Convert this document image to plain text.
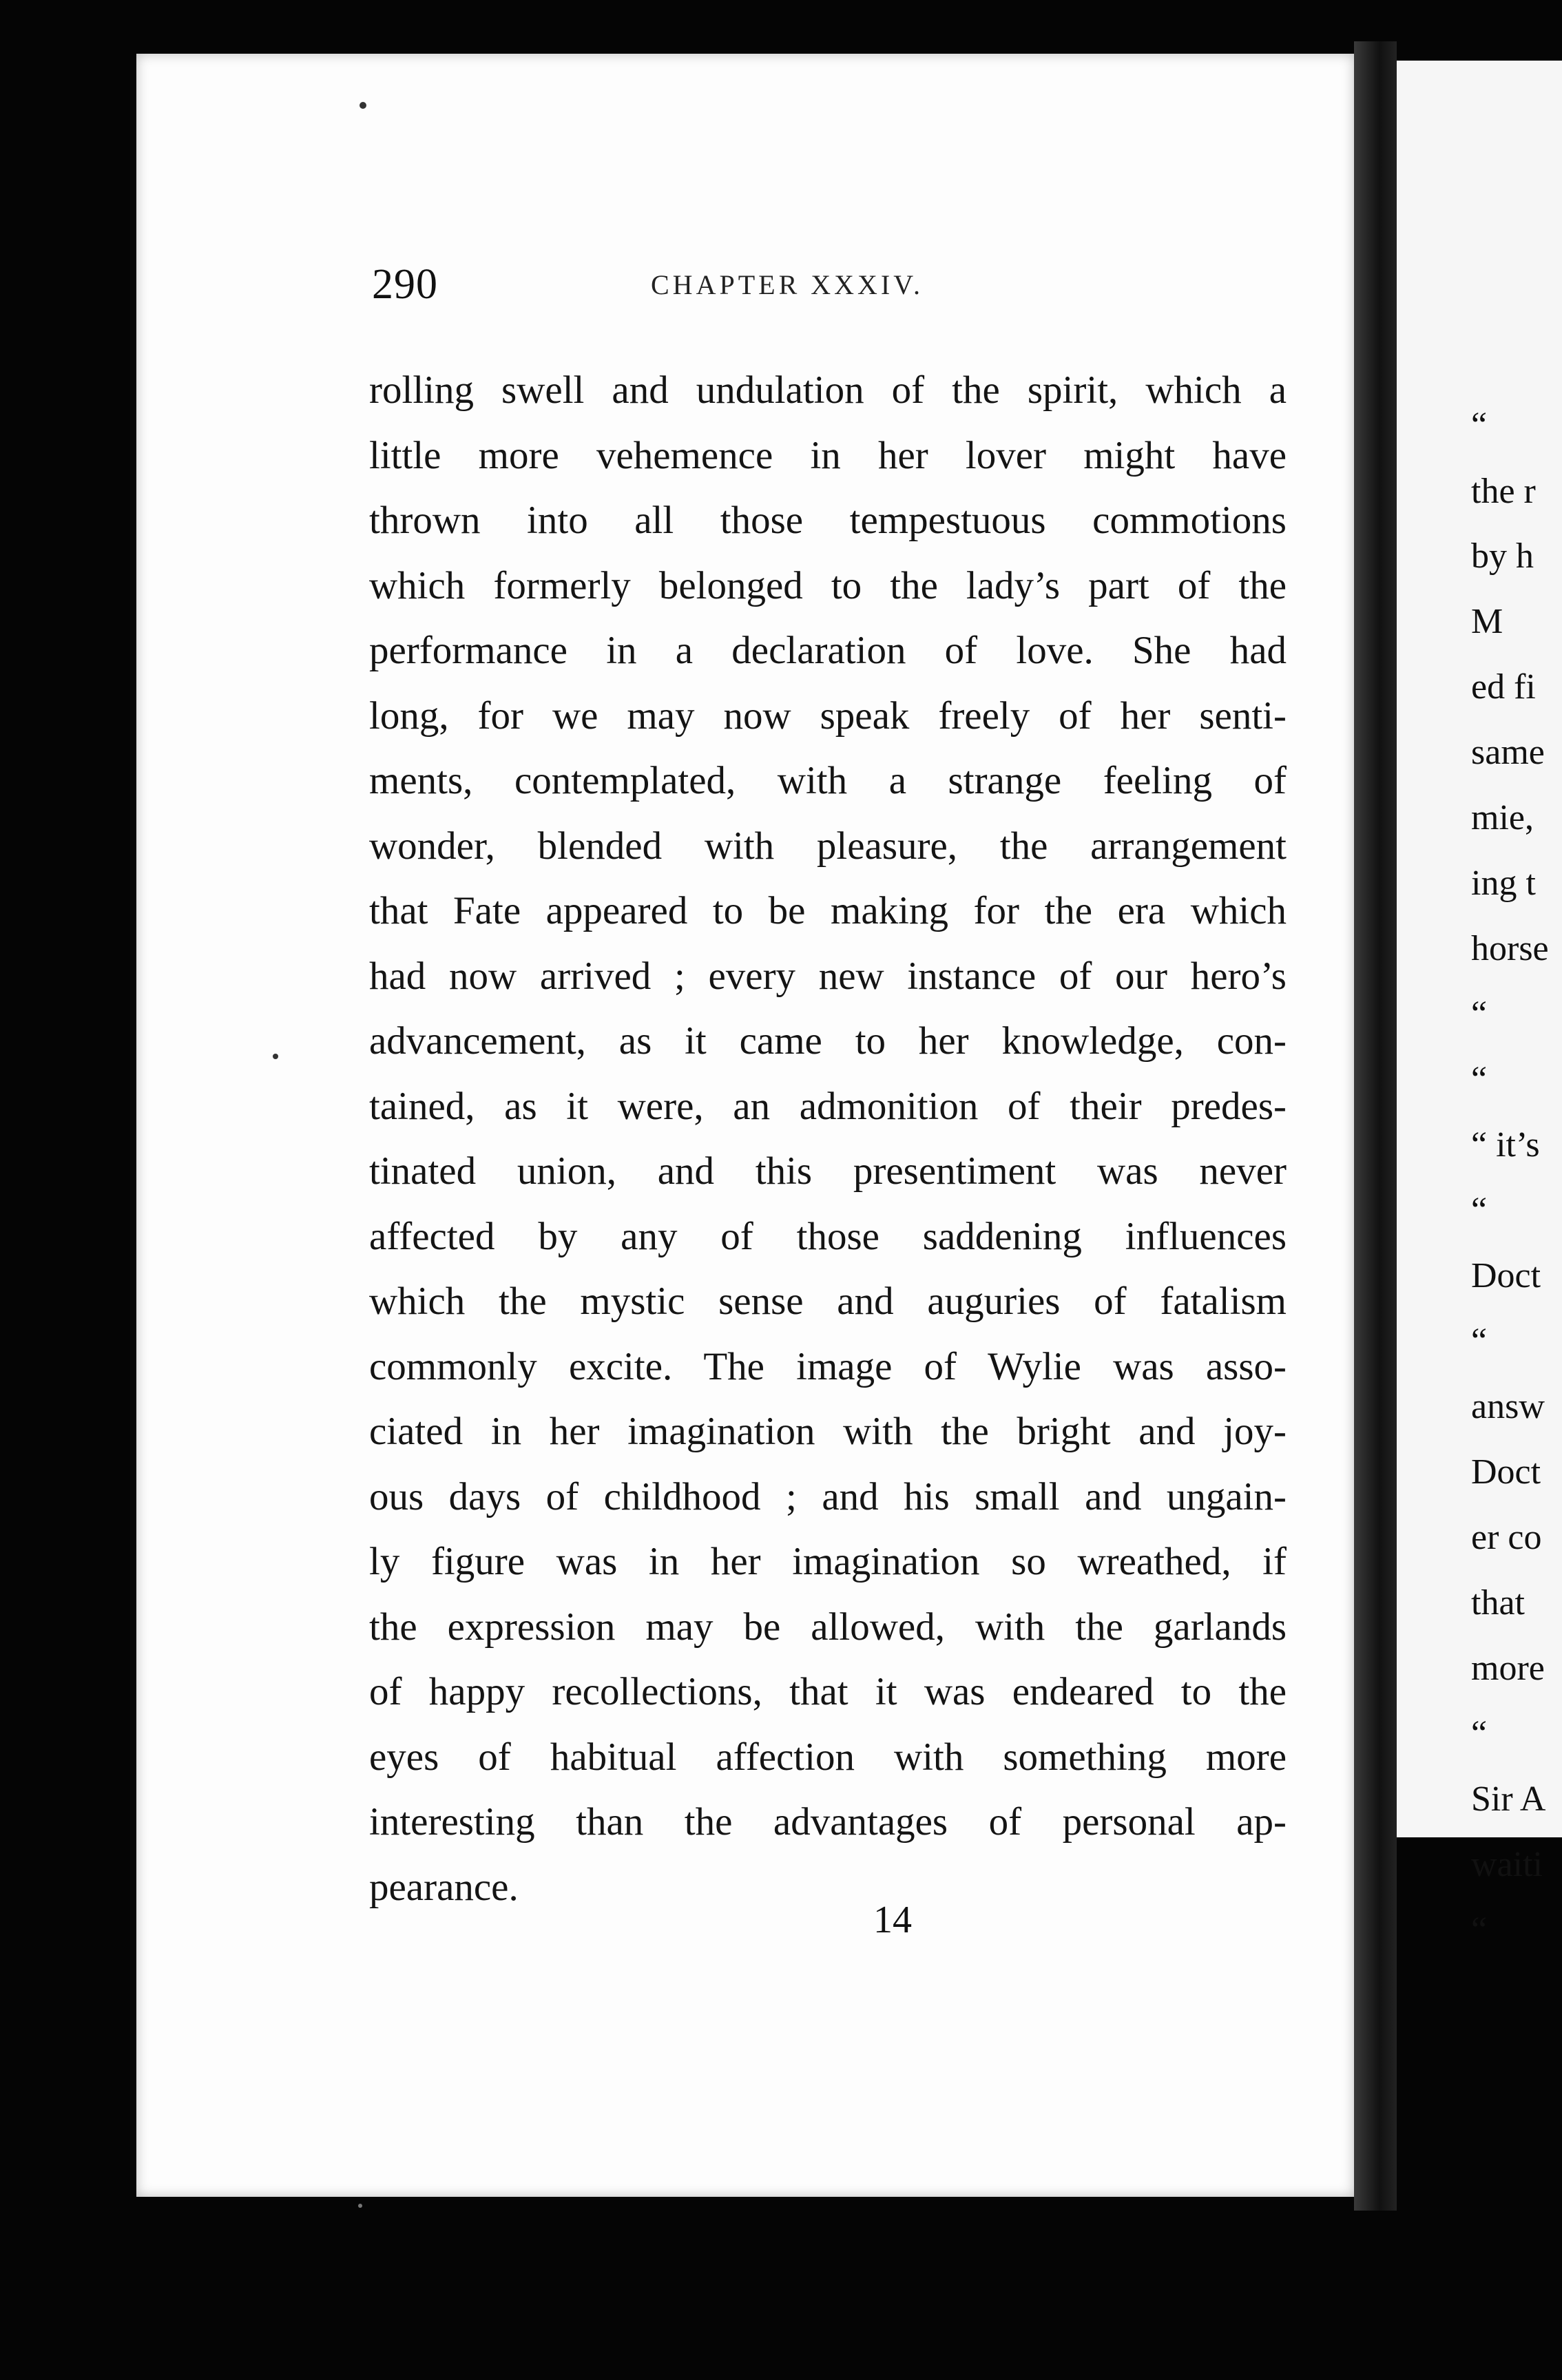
“
the r
by h
M
ed fi
same
mie,
ing t
horse
“
“
“ it’s
“
Doct
“
answ
Doct
er co
that
more
“
Sir A
waiti
“
290	CHAPTER XXXIV.
rolling swell and undulation of the spirit, which a
little more vehemence in her lover might have
thrown into all those tempestuous commotions
which formerly belonged to the lady’s part of the
performance in a declaration of love. She had
long, for we may now speak freely of her senti-
ments, contemplated, with a strange feeling of
wonder, blended with pleasure, the arrangement
that Fate appeared to be making for the era which
had now arrived ; every new instance of our hero’s
advancement, as it came to her knowledge, con-
tained, as it were, an admonition of their predes-
tinated union, and this presentiment was never
affected by any of those saddening influences
which the mystic sense and auguries of fatalism
commonly excite. The image of Wylie was asso-
ciated in her imagination with the bright and joy-
ous days of childhood ; and his small and ungain-
ly figure was in her imagination so wreathed, if
the expression may be allowed, with the garlands
of happy recollections, that it was endeared to the
eyes of habitual affection with something more
interesting than the advantages of personal ap-
pearance.
14
